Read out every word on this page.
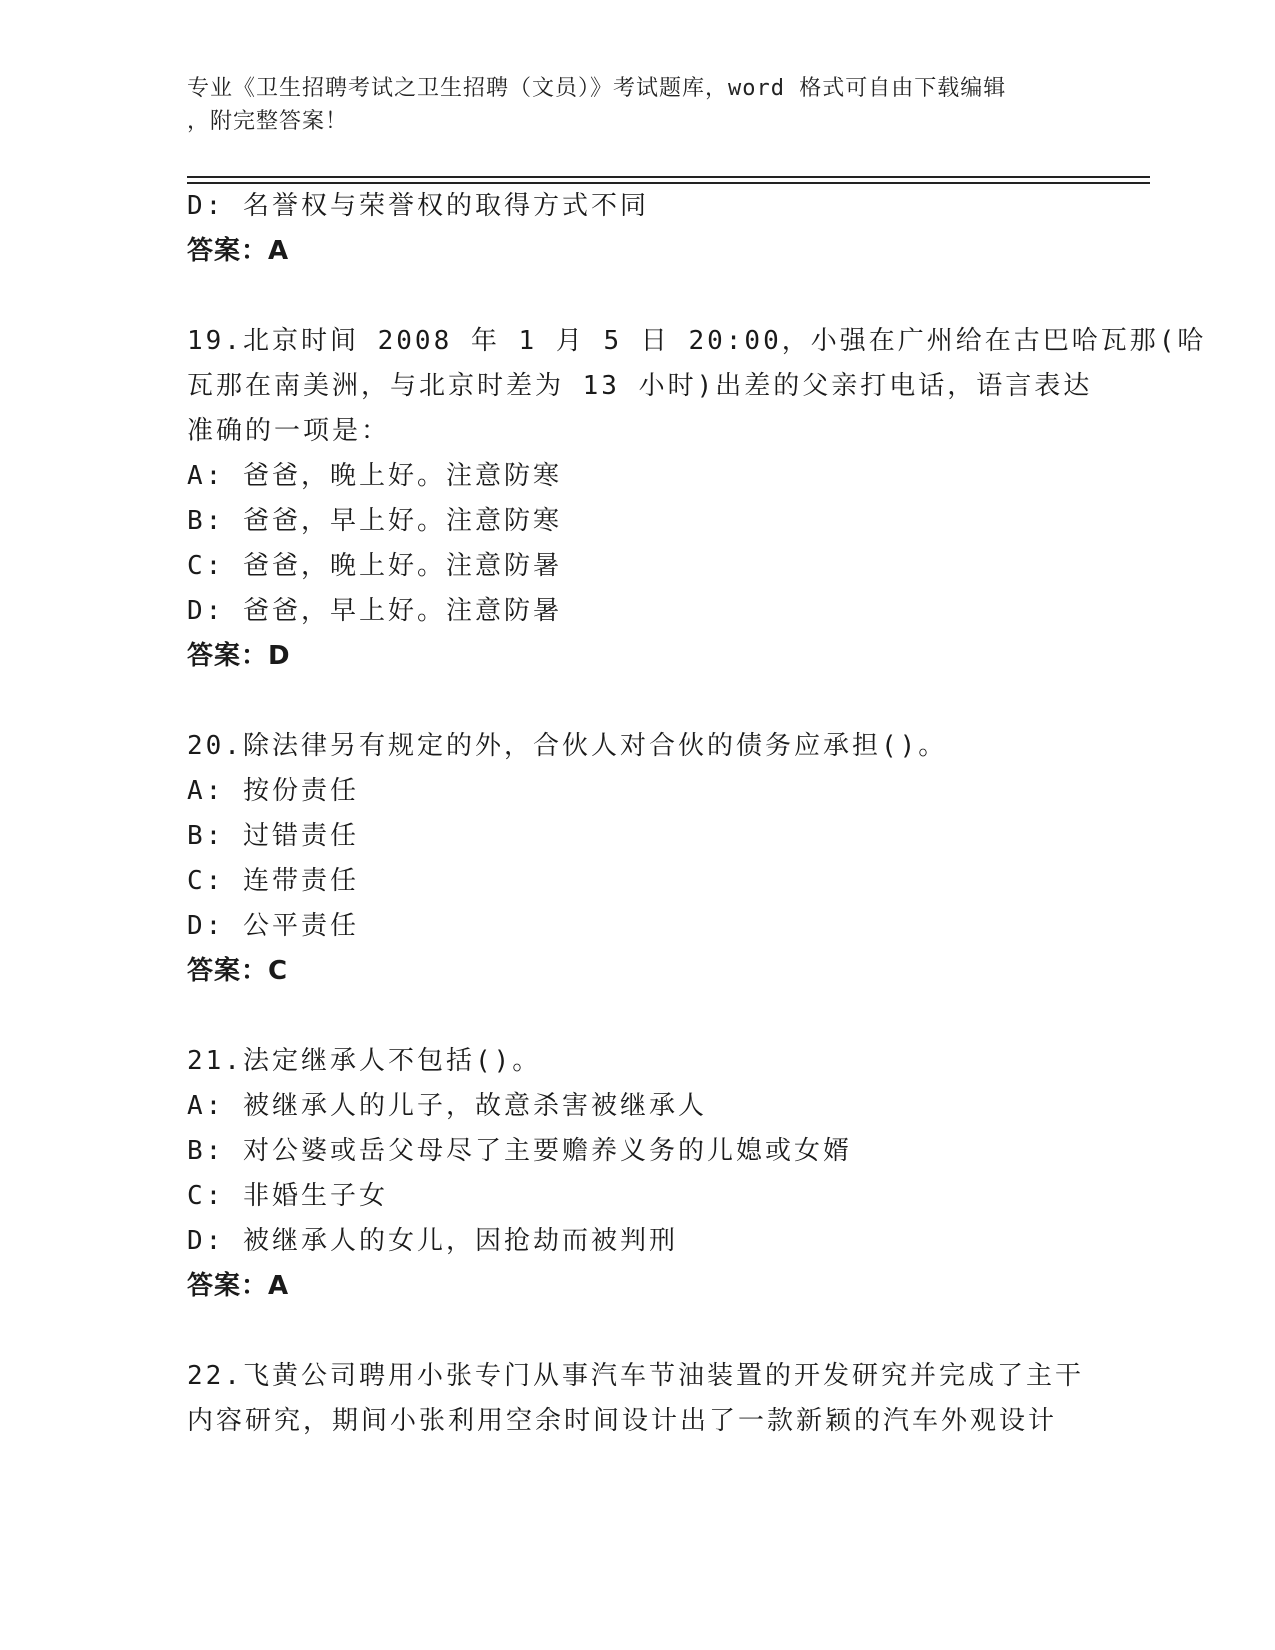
专业《卫生招聘考试之卫生招聘（文员）》考试题库，word 格式可自由下载编辑
，附完整答案！
D: 名誉权与荣誉权的取得方式不同
答案：A
19.北京时间 2008 年 1 月 5 日 20:00，小强在广州给在古巴哈瓦那(哈
瓦那在南美洲，与北京时差为 13 小时)出差的父亲打电话，语言表达
准确的一项是：
A: 爸爸，晚上好。注意防寒
B: 爸爸，早上好。注意防寒
C: 爸爸，晚上好。注意防暑
D: 爸爸，早上好。注意防暑
答案：D
20.除法律另有规定的外，合伙人对合伙的债务应承担()。
A: 按份责任
B: 过错责任
C: 连带责任
D: 公平责任
答案：C
21.法定继承人不包括()。
A: 被继承人的儿子，故意杀害被继承人
B: 对公婆或岳父母尽了主要赡养义务的儿媳或女婿
C: 非婚生子女
D: 被继承人的女儿，因抢劫而被判刑
答案：A
22.飞黄公司聘用小张专门从事汽车节油装置的开发研究并完成了主干
内容研究，期间小张利用空余时间设计出了一款新颖的汽车外观设计
